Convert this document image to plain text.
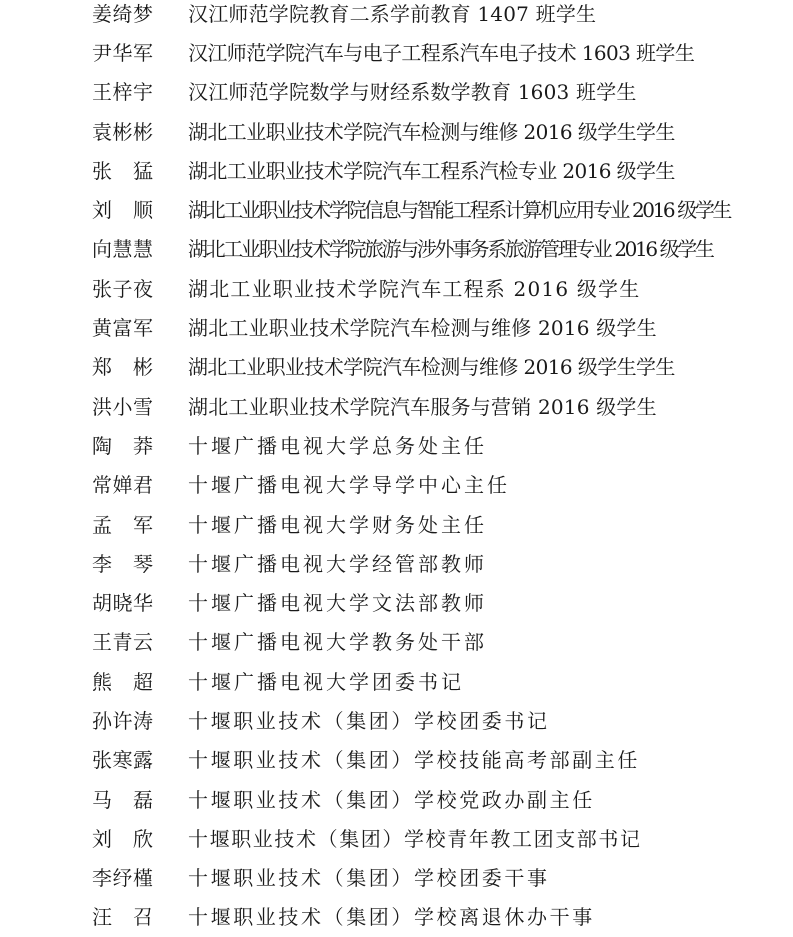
姜绮梦	汉江师范学院教育二系学前教育 1407 班学生
尹华军	汉江师范学院汽车与电子工程系汽车电子技术 1603 班学生
王梓宇	汉江师范学院数学与财经系数学教育 1603 班学生
袁彬彬	湖北工业职业技术学院汽车检测与维修 2016 级学生学生
张　猛	湖北工业职业技术学院汽车工程系汽检专业 2016 级学生
刘　顺	湖北工业职业技术学院信息与智能工程系计算机应用专业 2016 级学生
向慧慧	湖北工业职业技术学院旅游与涉外事务系旅游管理专业 2016 级学生
张子夜	湖北工业职业技术学院汽车工程系 2016 级学生
黄富军	湖北工业职业技术学院汽车检测与维修 2016 级学生
郑　彬	湖北工业职业技术学院汽车检测与维修 2016 级学生学生
洪小雪	湖北工业职业技术学院汽车服务与营销 2016 级学生
陶　莽	十堰广播电视大学总务处主任
常婵君	十堰广播电视大学导学中心主任
孟　军	十堰广播电视大学财务处主任
李　琴	十堰广播电视大学经管部教师
胡晓华	十堰广播电视大学文法部教师
王青云	十堰广播电视大学教务处干部
熊　超	十堰广播电视大学团委书记
孙许涛	十堰职业技术（集团）学校团委书记
张寒露	十堰职业技术（集团）学校技能高考部副主任
马　磊	十堰职业技术（集团）学校党政办副主任
刘　欣	十堰职业技术（集团）学校青年教工团支部书记
李纾槿	十堰职业技术（集团）学校团委干事
汪　召	十堰职业技术（集团）学校离退休办干事
